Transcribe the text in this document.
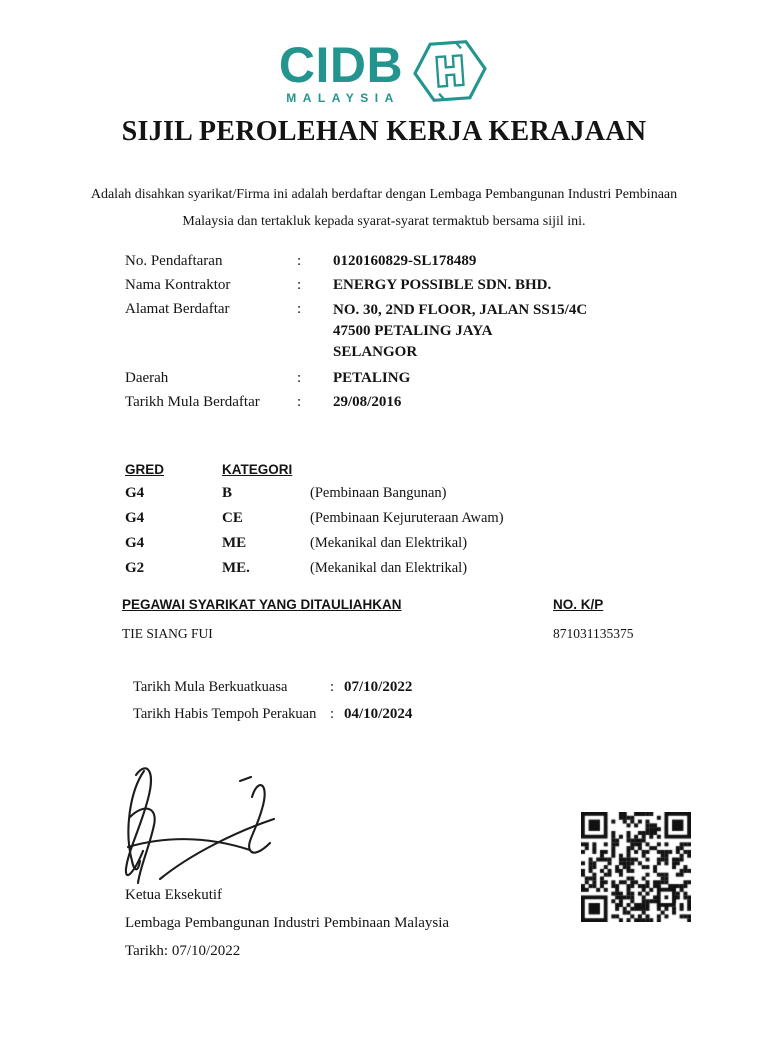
CIDB
MALAYSIA
SIJIL PEROLEHAN KERJA KERAJAAN
Adalah disahkan syarikat/Firma ini adalah berdaftar dengan Lembaga Pembangunan Industri Pembinaan
Malaysia dan tertakluk kepada syarat-syarat termaktub bersama sijil ini.
No. Pendaftaran	:	0120160829-SL178489
Nama Kontraktor	:	ENERGY POSSIBLE SDN. BHD.
Alamat Berdaftar	:	NO. 30, 2ND FLOOR, JALAN SS15/4C
47500 PETALING JAYA
SELANGOR
Daerah	:	PETALING
Tarikh Mula Berdaftar	:	29/08/2016
GRED	KATEGORI
G4	B	(Pembinaan Bangunan)
G4	CE	(Pembinaan Kejuruteraan Awam)
G4	ME	(Mekanikal dan Elektrikal)
G2	ME.	(Mekanikal dan Elektrikal)
PEGAWAI SYARIKAT YANG DITAULIAHKAN	NO. K/P
TIE SIANG FUI	871031135375
Tarikh Mula Berkuatkuasa	: 07/10/2022
Tarikh Habis Tempoh Perakuan : 04/10/2024
Ketua Eksekutif
Lembaga Pembangunan Industri Pembinaan Malaysia
Tarikh: 07/10/2022
